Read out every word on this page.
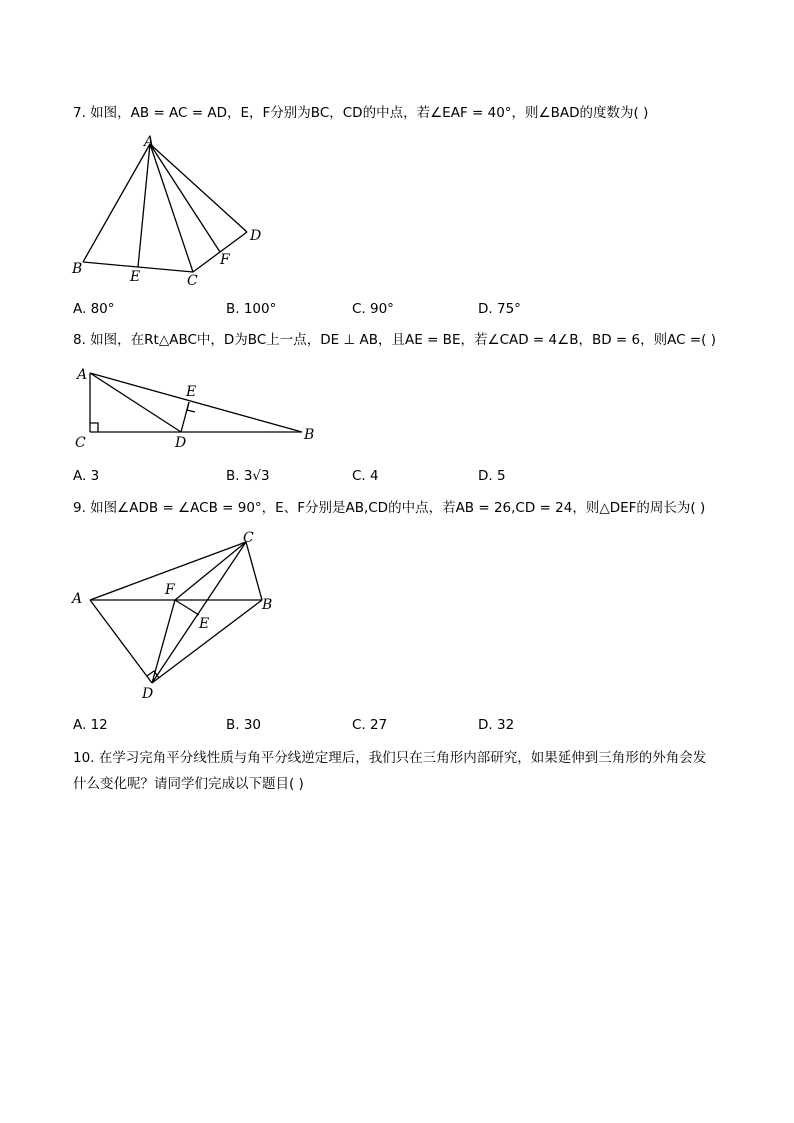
7. 如图，AB = AC = AD，E，F分别为BC，CD的中点，若∠EAF = 40°，则∠BAD的度数为( )
A
B	E	C
F
D
A. 80°	B. 100°	C. 90°	D. 75°
8. 如图，在Rt△ABC中，D为BC上一点，DE ⊥ AB，且AE = BE，若∠CAD = 4∠B，BD = 6，则AC =( )
A
C	D
E
B
A. 3	B. 3√3	C. 4	D. 5
9. 如图∠ADB = ∠ACB = 90°，E、F分别是AB,CD的中点，若AB = 26,CD = 24，则△DEF的周长为( )
A
C
F
B
E
D
A. 12	B. 30	C. 27	D. 32
10. 在学习完角平分线性质与角平分线逆定理后，我们只在三角形内部研究，如果延伸到三角形的外角会发什么变化呢？请同学们完成以下题目( )
